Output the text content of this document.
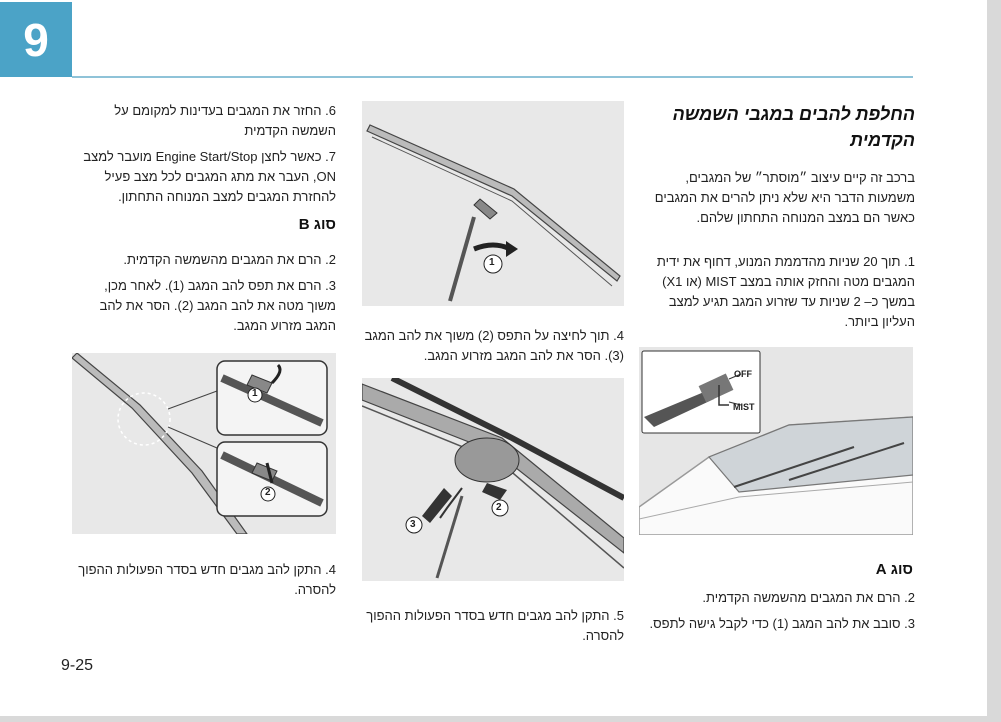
9
החלפת להבים במגבי השמשה הקדמית

ברכב זה קיים עיצוב ״מוסתר״ של המגבים, משמעות הדבר היא שלא ניתן להרים את המגבים כאשר הם במצב המנוחה התחתון שלהם.

1. תוך 20 שניות מהדממת המנוע, דחוף את ידית המגבים מטה והחזק אותה במצב MIST (או X1) במשך כ– 2 שניות עד שזרוע המגב תגיע למצב העליון ביותר.

OFF
MIST
סוג A

2. הרם את המגבים מהשמשה הקדמית.

3. סובב את להב המגב (1) כדי לקבל גישה לתפס.

1

4. תוך לחיצה על התפס (2) משוך את להב המגב (3). הסר את להב המגב מזרוע המגב.

2
3

5. התקן להב מגבים חדש בסדר הפעולות ההפוך להסרה.

6. החזר את המגבים בעדינות למקומם על השמשה הקדמית

7. כאשר לחצן Engine Start/Stop מועבר למצב ON, העבר את מתג המגבים לכל מצב פעיל להחזרת המגבים למצב המנוחה התחתון.

סוג B

2. הרם את המגבים מהשמשה הקדמית.

3. הרם את תפס להב המגב (1). לאחר מכן, משוך מטה את להב המגב (2). הסר את להב המגב מזרוע המגב.

1
2

4. התקן להב מגבים חדש בסדר הפעולות ההפוך להסרה.

9-25
